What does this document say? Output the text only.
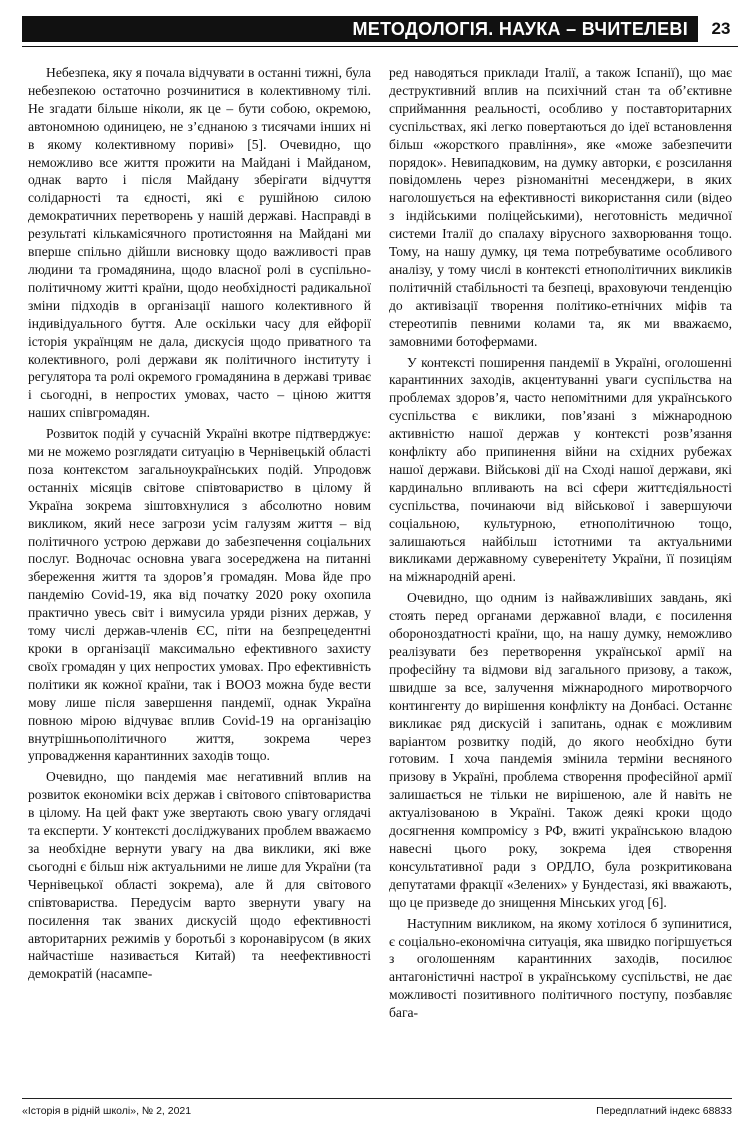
МЕТОДОЛОГІЯ. НАУКА – ВЧИТЕЛЕВІ	23

Небезпека, яку я почала відчувати в останні тижні, була небезпекою остаточно розчинитися в колективному тілі. Не згадати більше ніколи, як це – бути собою, окремою, автономною одиницею, не з’єднаною з тисячами інших ні в якому колективному пориві» [5]. Очевидно, що неможливо все життя прожити на Майдані і Майданом, однак варто і після Майдану зберігати відчуття солідарності та єдності, які є рушійною силою демократичних перетворень у нашій державі. Насправді в результаті кількамісячного протистояння на Майдані ми вперше спільно дійшли висновку щодо важливості прав людини та громадянина, щодо власної ролі в суспільно-політичному житті країни, щодо необхідності радикальної зміни підходів в організації нашого колективного й індивідуального буття. Але оскільки часу для ейфорії історія українцям не дала, дискусія щодо приватного та колективного, ролі держави як політичного інституту і регулятора та ролі окремого громадянина в державі триває і сьогодні, в непростих умовах, часто – ціною життя наших співгромадян.

Розвиток подій у сучасній Україні вкотре підтверджує: ми не можемо розглядати ситуацію в Чернівецькій області поза контекстом загальноукраїнських подій. Упродовж останніх місяців світове співтовариство в цілому й Україна зокрема зіштовхнулися з абсолютно новим викликом, який несе загрози усім галузям життя – від політичного устрою держави до забезпечення соціальних послуг. Водночас основна увага зосереджена на питанні збереження життя та здоров’я громадян. Мова йде про пандемію Covid-19, яка від початку 2020 року охопила практично увесь світ і вимусила уряди різних держав, у тому числі держав-членів ЄС, піти на безпрецедентні кроки в організації максимально ефективного захисту своїх громадян у цих непростих умовах. Про ефективність політики як кожної країни, так і ВООЗ можна буде вести мову лише після завершення пандемії, однак Україна повною мірою відчуває вплив Covid-19 на організацію внутрішньополітичного життя, зокрема через упровадження карантинних заходів тощо.

Очевидно, що пандемія має негативний вплив на розвиток економіки всіх держав і світового співтовариства в цілому. На цей факт уже звертають свою увагу оглядачі та експерти. У контексті досліджуваних проблем вважаємо за необхідне вернути увагу на два виклики, які вже сьогодні є більш ніж актуальними не лише для України (та Чернівецької області зокрема), але й для світового співтовариства. Передусім варто звернути увагу на посилення так званих дискусій щодо ефективності авторитарних режимів у боротьбі з коронавірусом (в яких найчастіше називається Китай) та неефективності демократій (насампе-

ред наводяться приклади Італії, а також Іспанії), що має деструктивний вплив на психічний стан та об’єктивне сприйманння реальності, особливо у поставторитарних суспільствах, які легко повертаються до ідеї встановлення більш «жорсткого правління», яке «може забезпечити порядок». Невипадковим, на думку авторки, є розсилання повідомлень через різноманітні месенджери, в яких наголошується на ефективності використання сили (відео з індійськими поліцейськими), неготовність медичної системи Італії до спалаху вірусного захворювання тощо. Тому, на нашу думку, ця тема потребуватиме особливого аналізу, у тому числі в контексті етнополітичних викликів політичній стабільності та безпеці, враховуючи тенденцію до активізації творення політико-етнічних міфів та стереотипів певними колами та, як ми вважаємо, замовними ботофермами.

У контексті поширення пандемії в Україні, оголошенні карантинних заходів, акцентуванні уваги суспільства на проблемах здоров’я, часто непомітними для українського суспільства є виклики, пов’язані з міжнародною активністю нашої держав у контексті розв’язання конфлікту або припинення війни на східних рубежах нашої держави. Військові дії на Сході нашої держави, які кардинально впливають на всі сфери життєдіяльності суспільства, починаючи від військової і завершуючи соціальною, культурною, етнополітичною тощо, залишаються найбільш істотними та актуальними викликами державному суверенітету України, її позиціям на міжнародній арені.

Очевидно, що одним із найважливіших завдань, які стоять перед органами державної влади, є посилення обороноздатності країни, що, на нашу думку, неможливо реалізувати без перетворення української армії на професійну та відмови від загального призову, а також, швидше за все, залучення міжнародного миротворчого контингенту до вирішення конфлікту на Донбасі. Останнє викликає ряд дискусій і запитань, однак є можливим варіантом розвитку подій, до якого необхідно бути готовим. І хоча пандемія змінила терміни весняного призову в Україні, проблема створення професійної армії залишається не тільки не вирішеною, але й навіть не актуалізованою в Україні. Також деякі кроки щодо досягнення компромісу з РФ, вжиті українською владою навесні цього року, зокрема ідея створення консультативної ради з ОРДЛО, була розкритикована депутатами фракції «Зелених» у Бундестазі, які вважають, що це призведе до знищення Мінських угод [6].

Наступним викликом, на якому хотілося б зупинитися, є соціально-економічна ситуація, яка швидко погіршується з оголошенням карантинних заходів, посилює антагоністичні настрої в українському суспільстві, не дає можливості позитивного політичного поступу, позбавляє бага-

«Історія в рідній школі», № 2, 2021	Передплатний індекс 68833
